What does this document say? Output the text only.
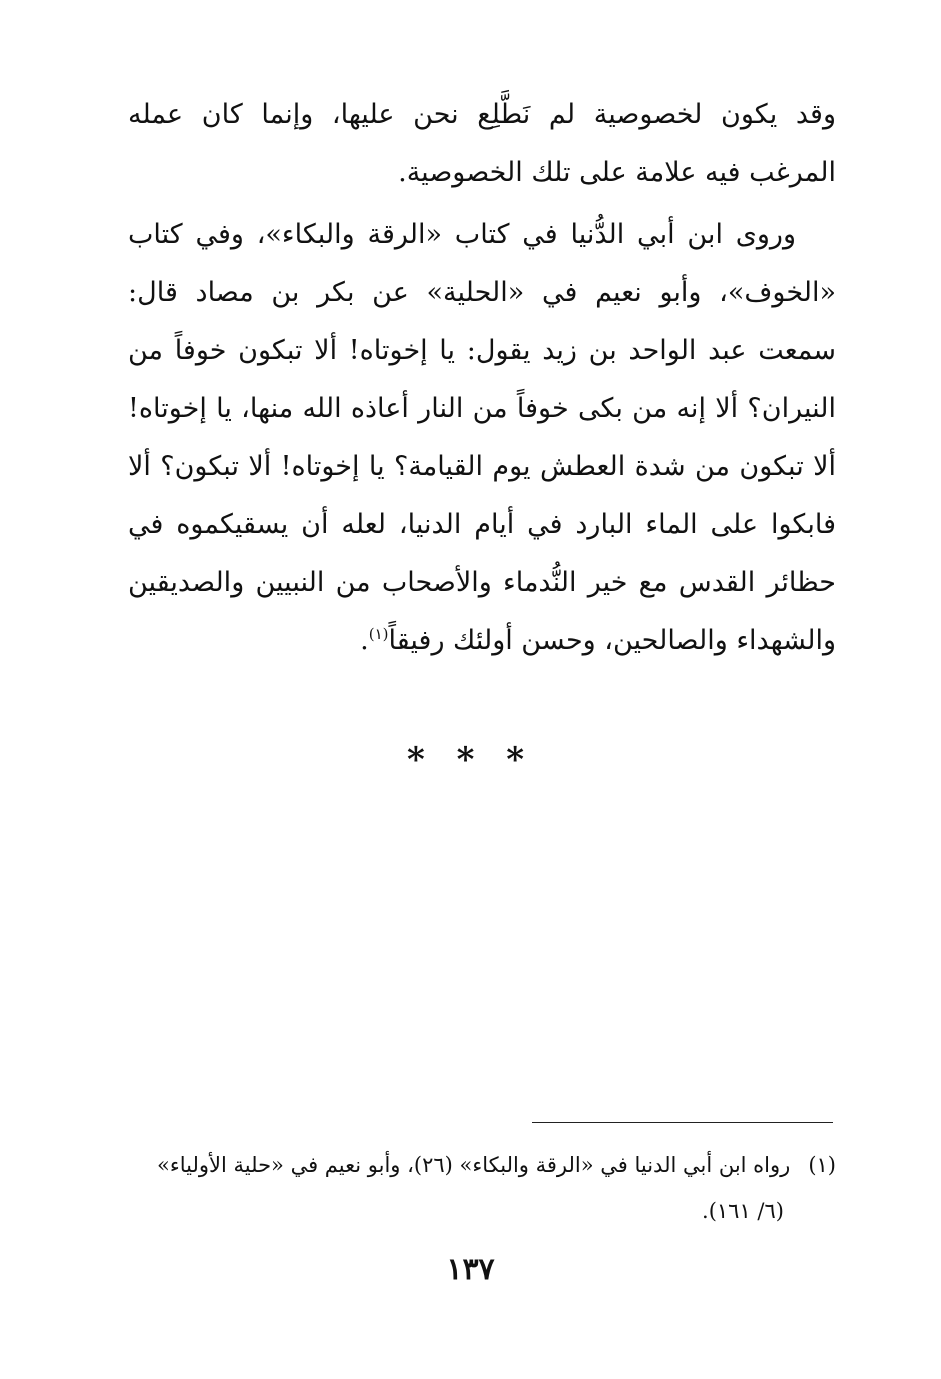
وقد يكون لخصوصية لم نَطَّلِع نحن عليها، وإنما كان عمله المرغب فيه علامة على تلك الخصوصية.

وروى ابن أبي الدُّنيا في كتاب «الرقة والبكاء»، وفي كتاب «الخوف»، وأبو نعيم في «الحلية» عن بكر بن مصاد قال: سمعت عبد الواحد بن زيد يقول: يا إخوتاه! ألا تبكون خوفاً من النيران؟ ألا إنه من بكى خوفاً من النار أعاذه الله منها، يا إخوتاه! ألا تبكون من شدة العطش يوم القيامة؟ يا إخوتاه! ألا تبكون؟ ألا فابكوا على الماء البارد في أيام الدنيا، لعله أن يسقيكموه في حظائر القدس مع خير النُّدماء والأصحاب من النبيين والصديقين والشهداء والصالحين، وحسن أولئك رفيقاً$^{(١)}$.

* * *

(١)رواه ابن أبي الدنيا في «الرقة والبكاء» (٢٦)، وأبو نعيم في «حلية الأولياء»
(٦/ ١٦١).

١٣٧
